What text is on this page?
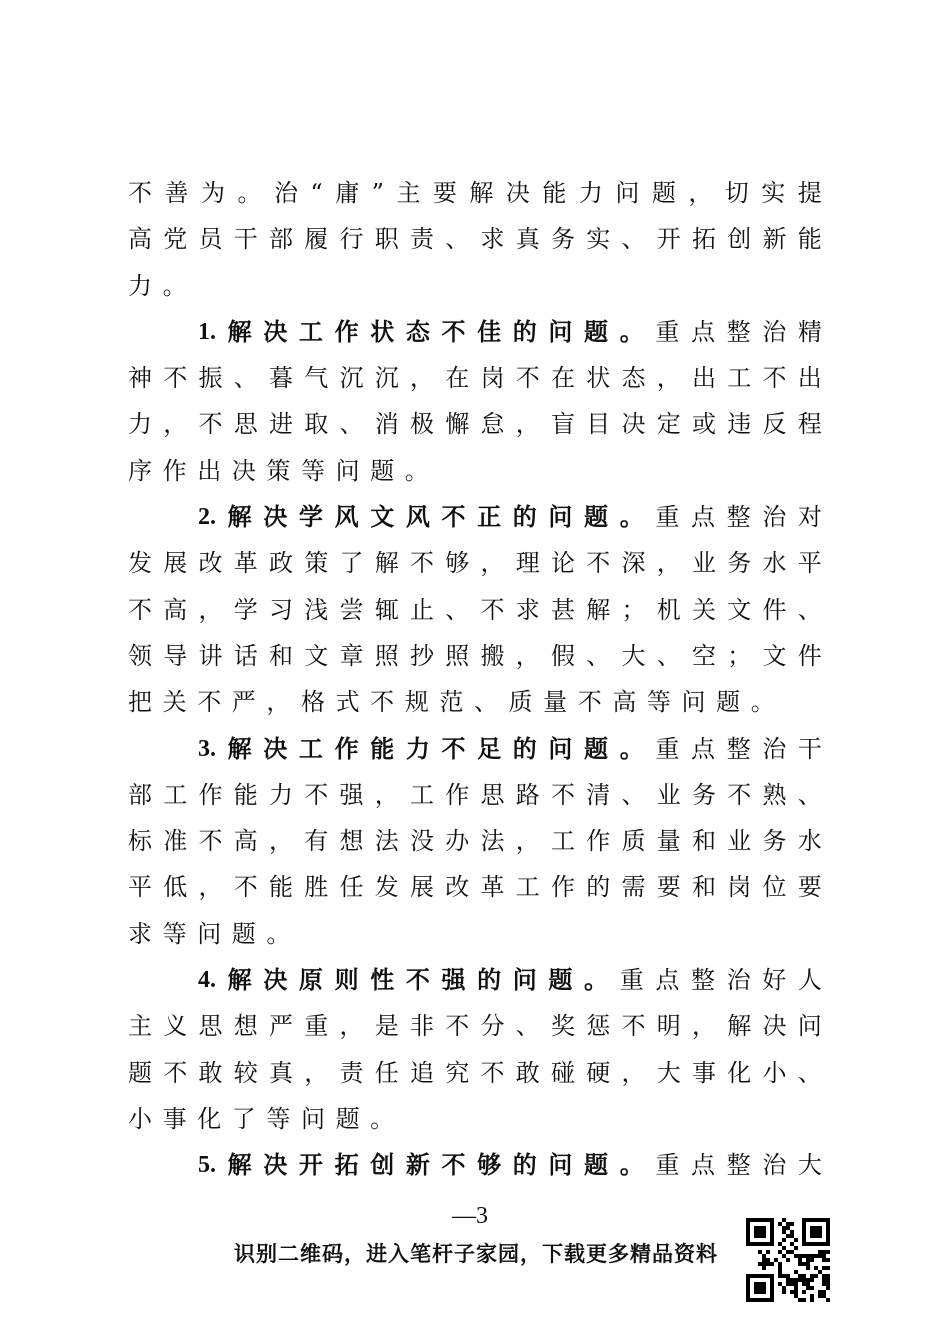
不 善 为 。 治 “ 庸 ” 主 要 解 决 能 力 问 题 ， 切 实 提
高 党 员 干 部 履 行 职 责 、 求 真 务 实 、 开 拓 创 新 能
力 。
1. 解 决 工 作 状 态 不 佳 的 问 题 。 重 点 整 治 精
神 不 振 、 暮 气 沉 沉 ， 在 岗 不 在 状 态 ， 出 工 不 出
力 ， 不 思 进 取 、 消 极 懈 怠 ， 盲 目 决 定 或 违 反 程
序 作 出 决 策 等 问 题 。
2. 解 决 学 风 文 风 不 正 的 问 题 。 重 点 整 治 对
发 展 改 革 政 策 了 解 不 够 ， 理 论 不 深 ， 业 务 水 平
不 高 ， 学 习 浅 尝 辄 止 、 不 求 甚 解 ； 机 关 文 件 、
领 导 讲 话 和 文 章 照 抄 照 搬 ， 假 、 大 、 空 ； 文 件
把 关 不 严 ， 格 式 不 规 范 、 质 量 不 高 等 问 题 。
3. 解 决 工 作 能 力 不 足 的 问 题 。 重 点 整 治 干
部 工 作 能 力 不 强 ， 工 作 思 路 不 清 、 业 务 不 熟 、
标 准 不 高 ， 有 想 法 没 办 法 ， 工 作 质 量 和 业 务 水
平 低 ， 不 能 胜 任 发 展 改 革 工 作 的 需 要 和 岗 位 要
求 等 问 题 。
4. 解 决 原 则 性 不 强 的 问 题 。 重 点 整 治 好 人
主 义 思 想 严 重 ， 是 非 不 分 、 奖 惩 不 明 ， 解 决 问
题 不 敢 较 真 ， 责 任 追 究 不 敢 碰 硬 ， 大 事 化 小 、
小 事 化 了 等 问 题 。
5. 解 决 开 拓 创 新 不 够 的 问 题 。 重 点 整 治 大
—3
识别二维码，进入笔杆子家园，下载更多精品资料
